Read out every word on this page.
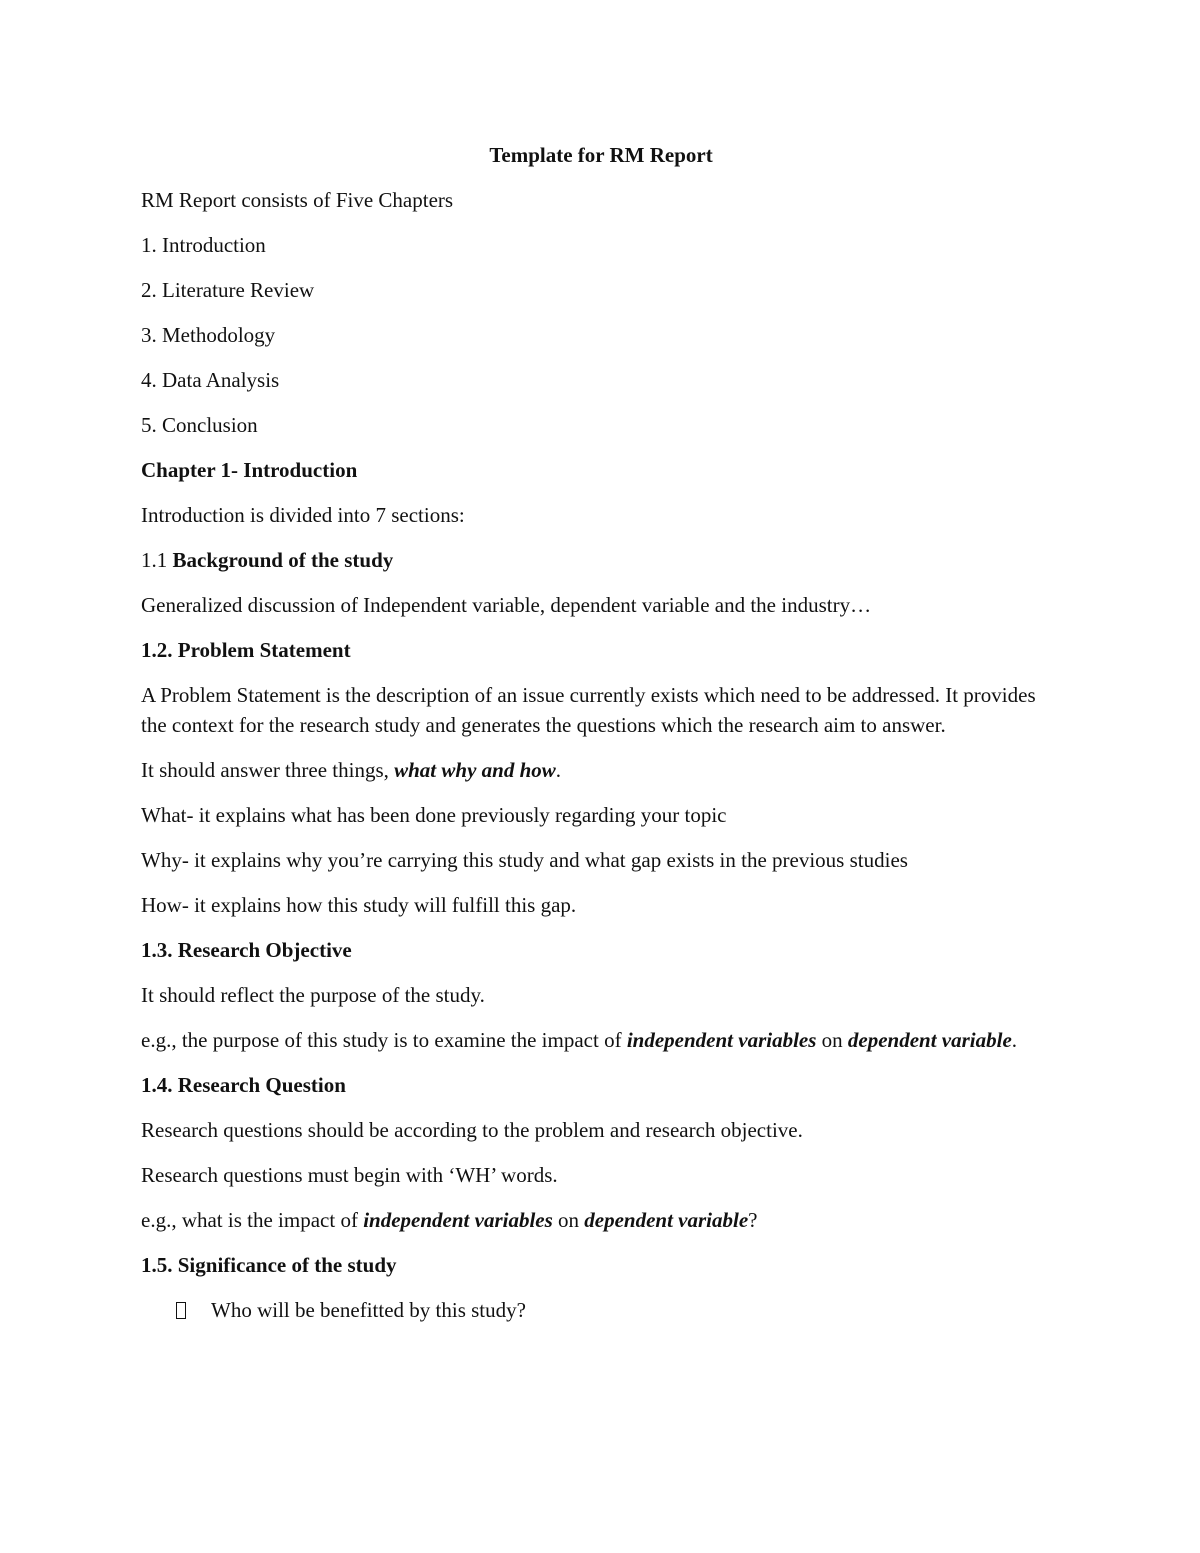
Template for RM Report

RM Report consists of Five Chapters

1. Introduction

2. Literature Review

3. Methodology

4. Data Analysis

5. Conclusion

Chapter 1- Introduction

Introduction is divided into 7 sections:

1.1 Background of the study

Generalized discussion of Independent variable, dependent variable and the industry…

1.2. Problem Statement

A Problem Statement is the description of an issue currently exists which need to be addressed. It provides the context for the research study and generates the questions which the research aim to answer.

It should answer three things, what why and how.

What- it explains what has been done previously regarding your topic

Why- it explains why you’re carrying this study and what gap exists in the previous studies

How- it explains how this study will fulfill this gap.

1.3. Research Objective

It should reflect the purpose of the study.

e.g., the purpose of this study is to examine the impact of independent variables on dependent variable.

1.4. Research Question

Research questions should be according to the problem and research objective.

Research questions must begin with ‘WH’ words.

e.g., what is the impact of independent variables on dependent variable?

1.5. Significance of the study

Who will be benefitted by this study?
